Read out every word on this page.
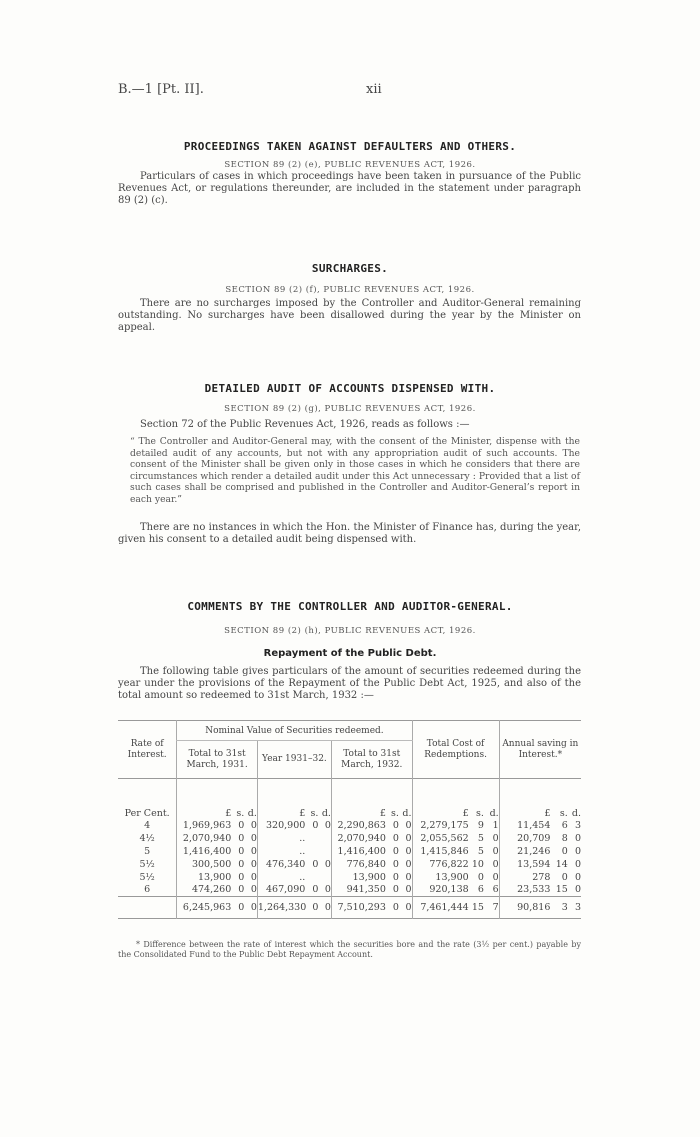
B.—1 [Pt. II].	xii
PROCEEDINGS TAKEN AGAINST DEFAULTERS AND OTHERS.
SECTION 89 (2) (e), PUBLIC REVENUES ACT, 1926.

Particulars of cases in which proceedings have been taken in pursuance of the Public Revenues Act, or regulations thereunder, are included in the statement under paragraph 89 (2) (c).

SURCHARGES.
SECTION 89 (2) (f), PUBLIC REVENUES ACT, 1926.

There are no surcharges imposed by the Controller and Auditor-General remaining outstanding. No surcharges have been disallowed during the year by the Minister on appeal.

DETAILED AUDIT OF ACCOUNTS DISPENSED WITH.
SECTION 89 (2) (g), PUBLIC REVENUES ACT, 1926.

Section 72 of the Public Revenues Act, 1926, reads as follows :—

“ The Controller and Auditor-General may, with the consent of the Minister, dispense with the detailed audit of any accounts, but not with any appropriation audit of such accounts. The consent of the Minister shall be given only in those cases in which he considers that there are circumstances which render a detailed audit under this Act unnecessary : Provided that a list of such cases shall be comprised and published in the Controller and Auditor-General’s report in each year.”

There are no instances in which the Hon. the Minister of Finance has, during the year, given his consent to a detailed audit being dispensed with.

COMMENTS BY THE CONTROLLER AND AUDITOR-GENERAL.
SECTION 89 (2) (h), PUBLIC REVENUES ACT, 1926.
Repayment of the Public Debt.

The following table gives particulars of the amount of securities redeemed during the year under the provisions of the Repayment of the Public Debt Act, 1925, and also of the total amount so redeemed to 31st March, 1932 :—

Rate of Interest.	Nominal Value of Securities redeemed.									Total Cost of Redemptions.			Annual saving in Interest.*		
	Total to 31st March, 1931.			Year 1931–32.			Total to 31st March, 1932.								
Per Cent.	£	s.	d.	£	s.	d.	£	s.	d.	£	s.	d.	£	s.	d.
4	1,969,963	0	0	320,900	0	0	2,290,863	0	0	2,279,175	9	1	11,454	6	3
4½	2,070,940	0	0	..			2,070,940	0	0	2,055,562	5	0	20,709	8	0
5	1,416,400	0	0	..			1,416,400	0	0	1,415,846	5	0	21,246	0	0
5½	300,500	0	0	476,340	0	0	776,840	0	0	776,822	10	0	13,594	14	0
5½	13,900	0	0	..			13,900	0	0	13,900	0	0	278	0	0
6	474,260	0	0	467,090	0	0	941,350	0	0	920,138	6	6	23,533	15	0
	6,245,963	0	0	1,264,330	0	0	7,510,293	0	0	7,461,444	15	7	90,816	3	3

* Difference between the rate of interest which the securities bore and the rate (3½ per cent.) payable by the Consolidated Fund to the Public Debt Repayment Account.
